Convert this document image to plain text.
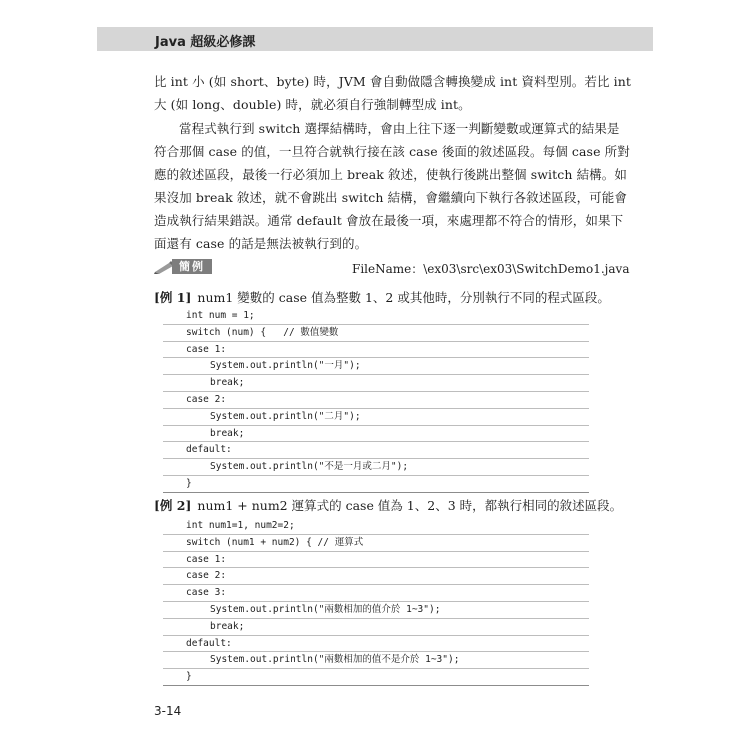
Java 超級必修課
比 int 小 (如 short、byte) 時，JVM 會自動做隱含轉換變成 int 資料型別。若比 int
大 (如 long、double) 時，就必須自行強制轉型成 int。
當程式執行到 switch 選擇結構時，會由上往下逐一判斷變數或運算式的結果是
符合那個 case 的值，一旦符合就執行接在該 case 後面的敘述區段。每個 case 所對
應的敘述區段，最後一行必須加上 break 敘述，使執行後跳出整個 switch 結構。如
果沒加 break 敘述，就不會跳出 switch 結構，會繼續向下執行各敘述區段，可能會
造成執行結果錯誤。通常 default 會放在最後一項，來處理都不符合的情形，如果下
面還有 case 的話是無法被執行到的。
簡例	FileName：\ex03\src\ex03\SwitchDemo1.java
[例 1] num1 變數的 case 值為整數 1、2 或其他時，分別執行不同的程式區段。
int num = 1;
switch (num) {   // 數值變數
case 1:
System.out.println("一月");
break;
case 2:
System.out.println("二月");
break;
default:
System.out.println("不是一月或二月");
}
[例 2] num1 + num2 運算式的 case 值為 1、2、3 時，都執行相同的敘述區段。
int num1=1, num2=2;
switch (num1 + num2) { // 運算式
case 1:
case 2:
case 3:
System.out.println("兩數相加的值介於 1~3");
break;
default:
System.out.println("兩數相加的值不是介於 1~3");
}
3-14
